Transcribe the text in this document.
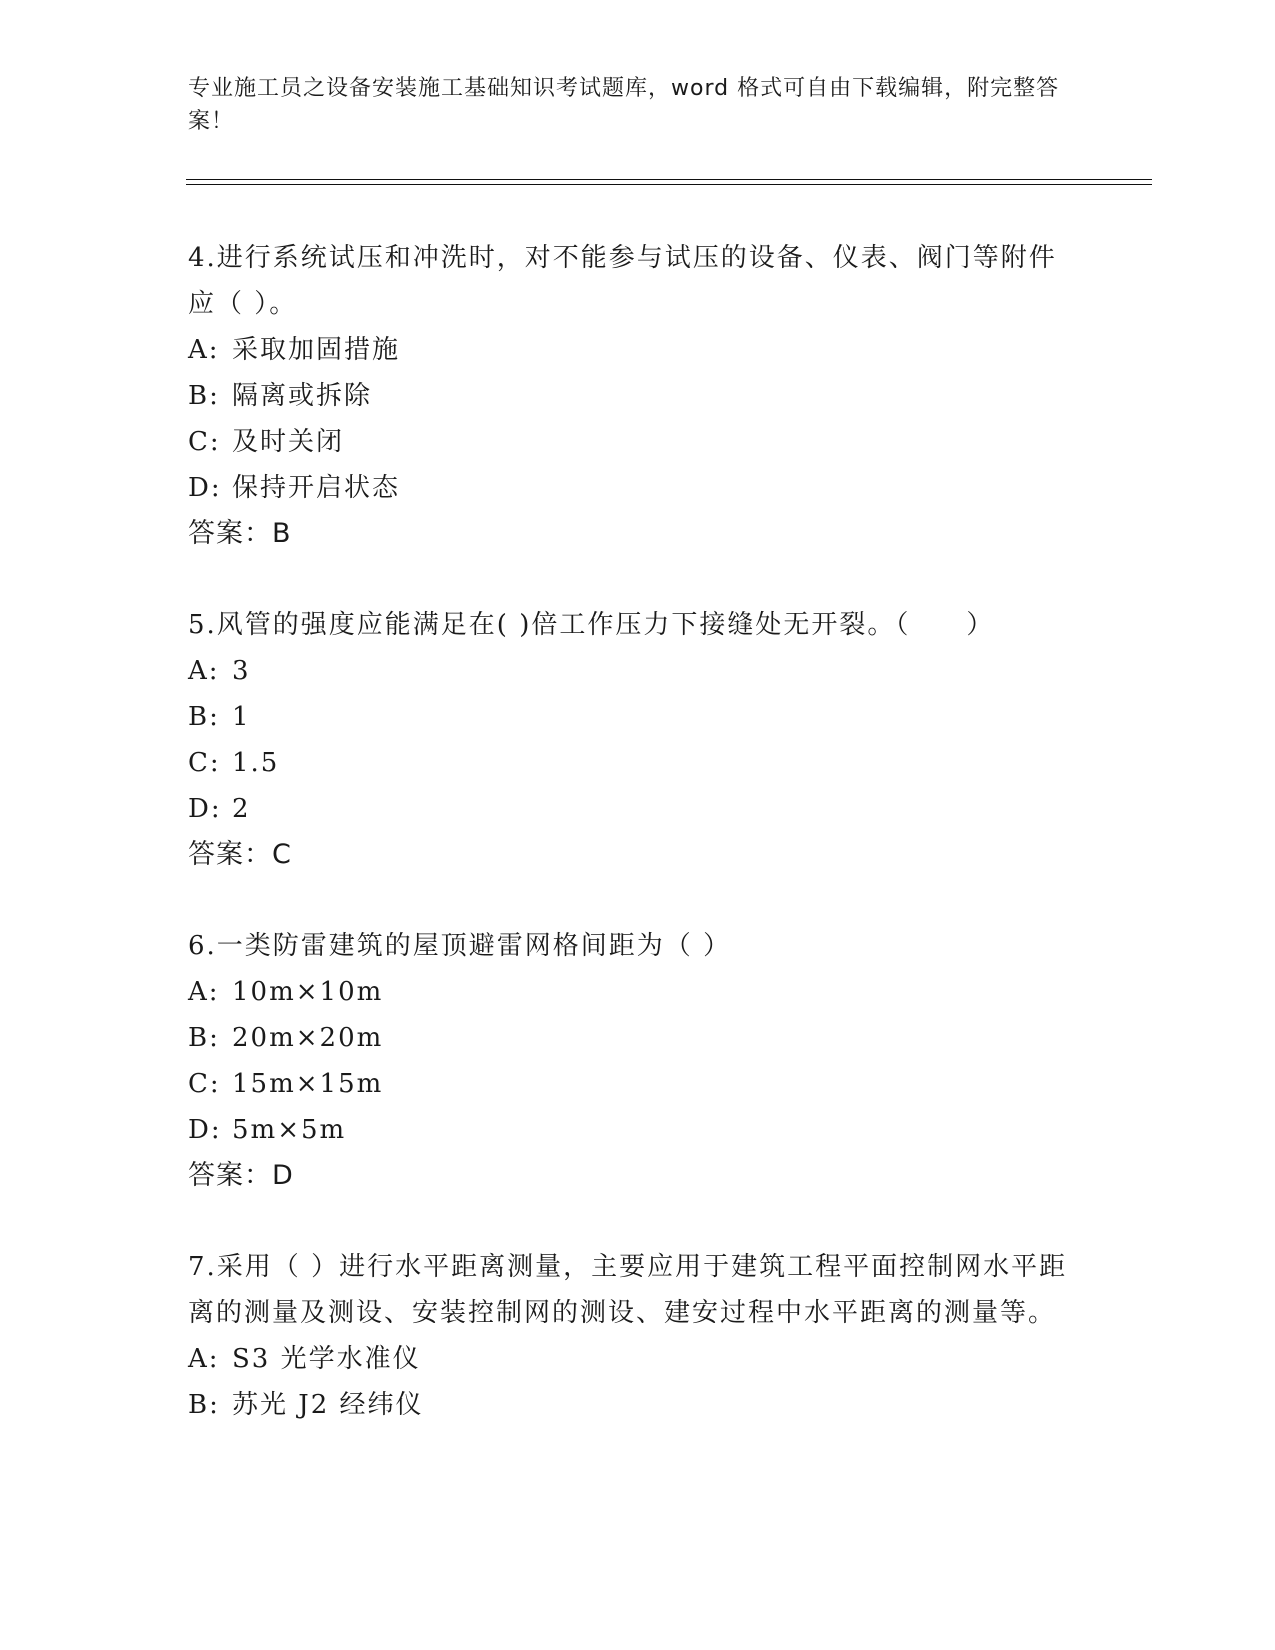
专业施工员之设备安装施工基础知识考试题库，word 格式可自由下载编辑，附完整答案！
4.进行系统试压和冲洗时，对不能参与试压的设备、仪表、阀门等附件应（ ）。
A: 采取加固措施
B: 隔离或拆除
C: 及时关闭
D: 保持开启状态
答案：B
5.风管的强度应能满足在( )倍工作压力下接缝处无开裂。（　　）
A: 3
B: 1
C: 1.5
D: 2
答案：C
6.一类防雷建筑的屋顶避雷网格间距为（ ）
A: 10m×10m
B: 20m×20m
C: 15m×15m
D: 5m×5m
答案：D
7.采用（ ）进行水平距离测量，主要应用于建筑工程平面控制网水平距离的测量及测设、安装控制网的测设、建安过程中水平距离的测量等。
A: S3 光学水准仪
B: 苏光 J2 经纬仪
